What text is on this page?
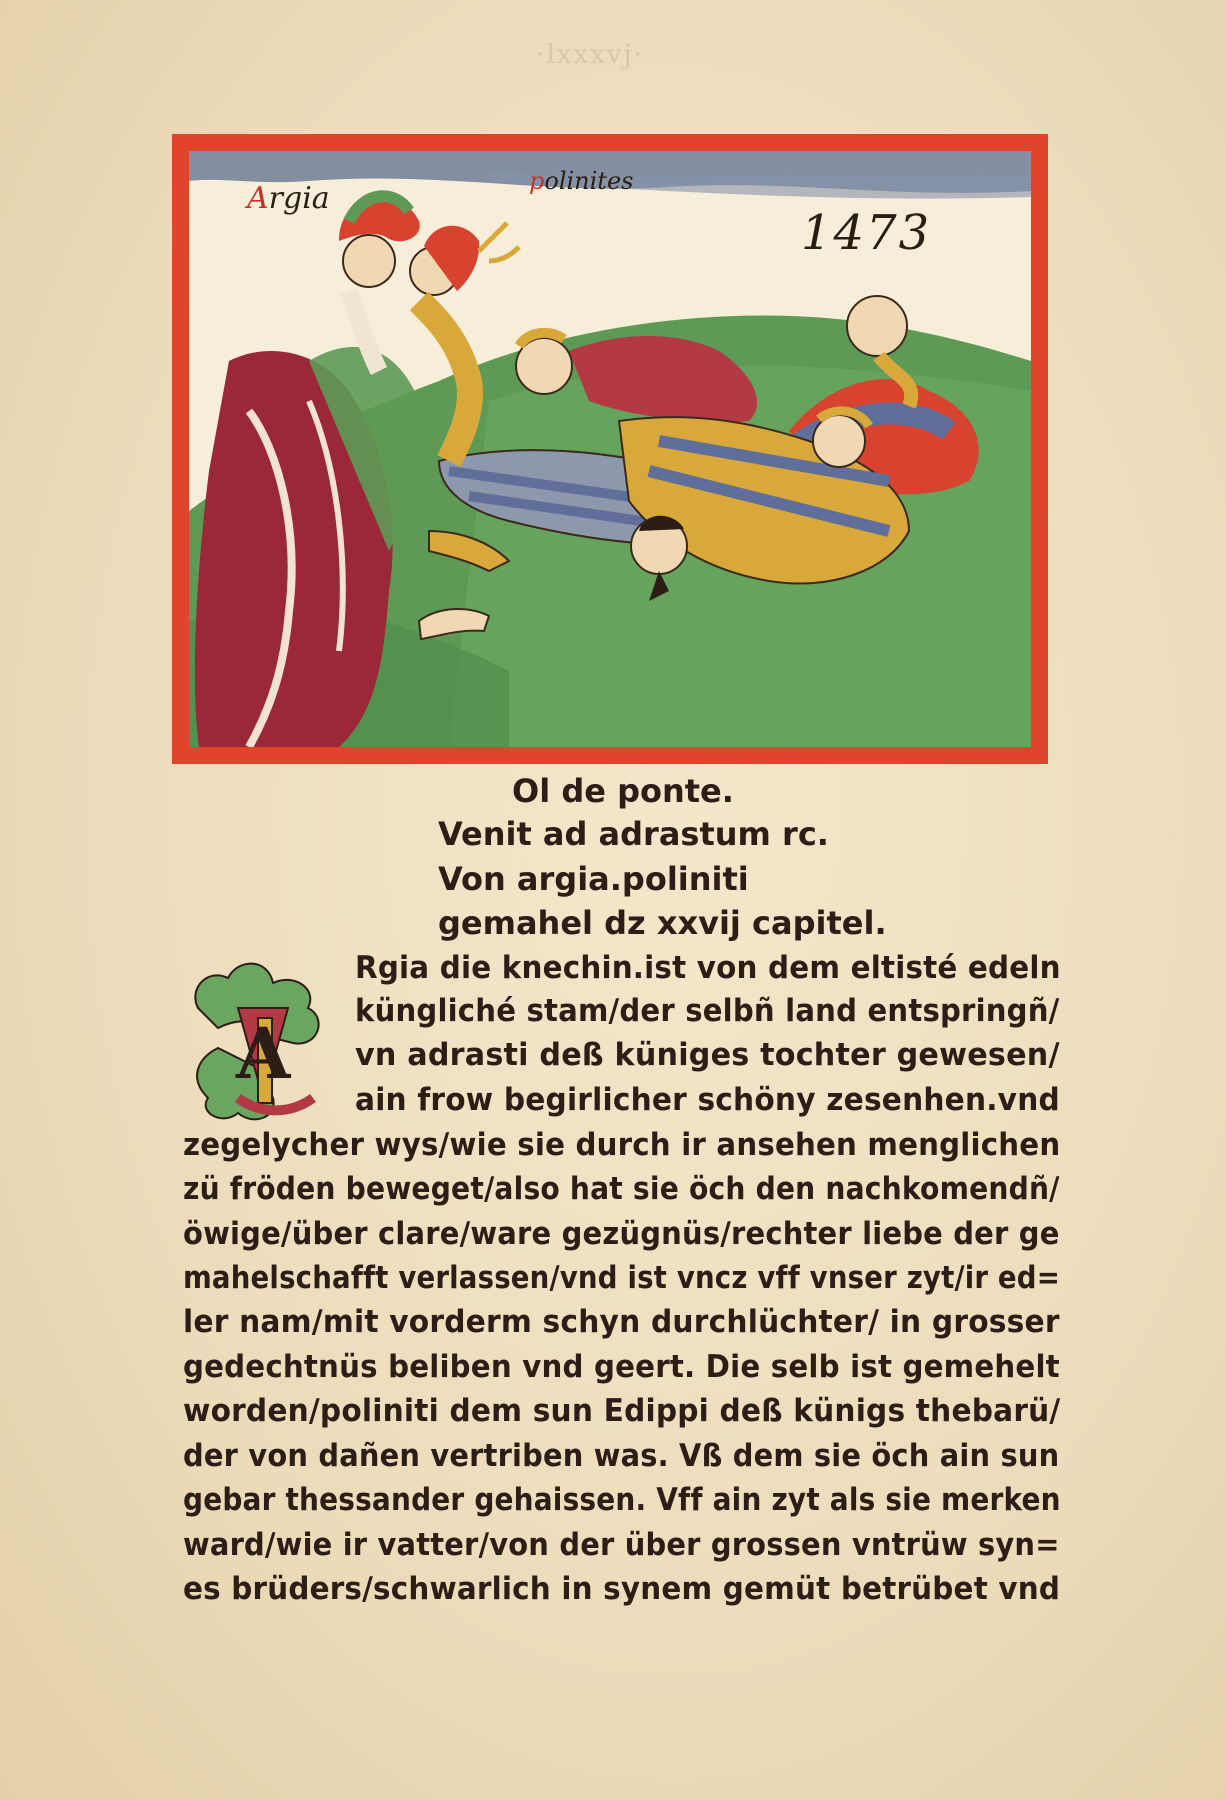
·lxxxvj·
Argia	polinites
1473
Ol de ponte.
Venit ad adrastum rc.
Von argia.poliniti
gemahel dz xxvij capitel.
A
Rgia die knechin.ist von dem eltisté edeln
küngliché stam/der selbñ land entspringñ/
vn adrasti deß küniges tochter gewesen/
ain frow begirlicher schöny zesenhen.vnd
zegelycher wys/wie sie durch ir ansehen menglichen
zü fröden beweget/also hat sie öch den nachkomendñ/
öwige/über clare/ware gezügnüs/rechter liebe der ge
mahelschafft verlassen/vnd ist vncz vff vnser zyt/ir ed=
ler nam/mit vorderm schyn durchlüchter/ in grosser
gedechtnüs beliben vnd geert. Die selb ist gemehelt
worden/poliniti dem sun Edippi deß künigs thebarü/
der von dañen vertriben was. Vß dem sie öch ain sun
gebar thessander gehaissen. Vff ain zyt als sie merken
ward/wie ir vatter/von der über grossen vntrüw syn=
es brüders/schwarlich in synem gemüt betrübet vnd
